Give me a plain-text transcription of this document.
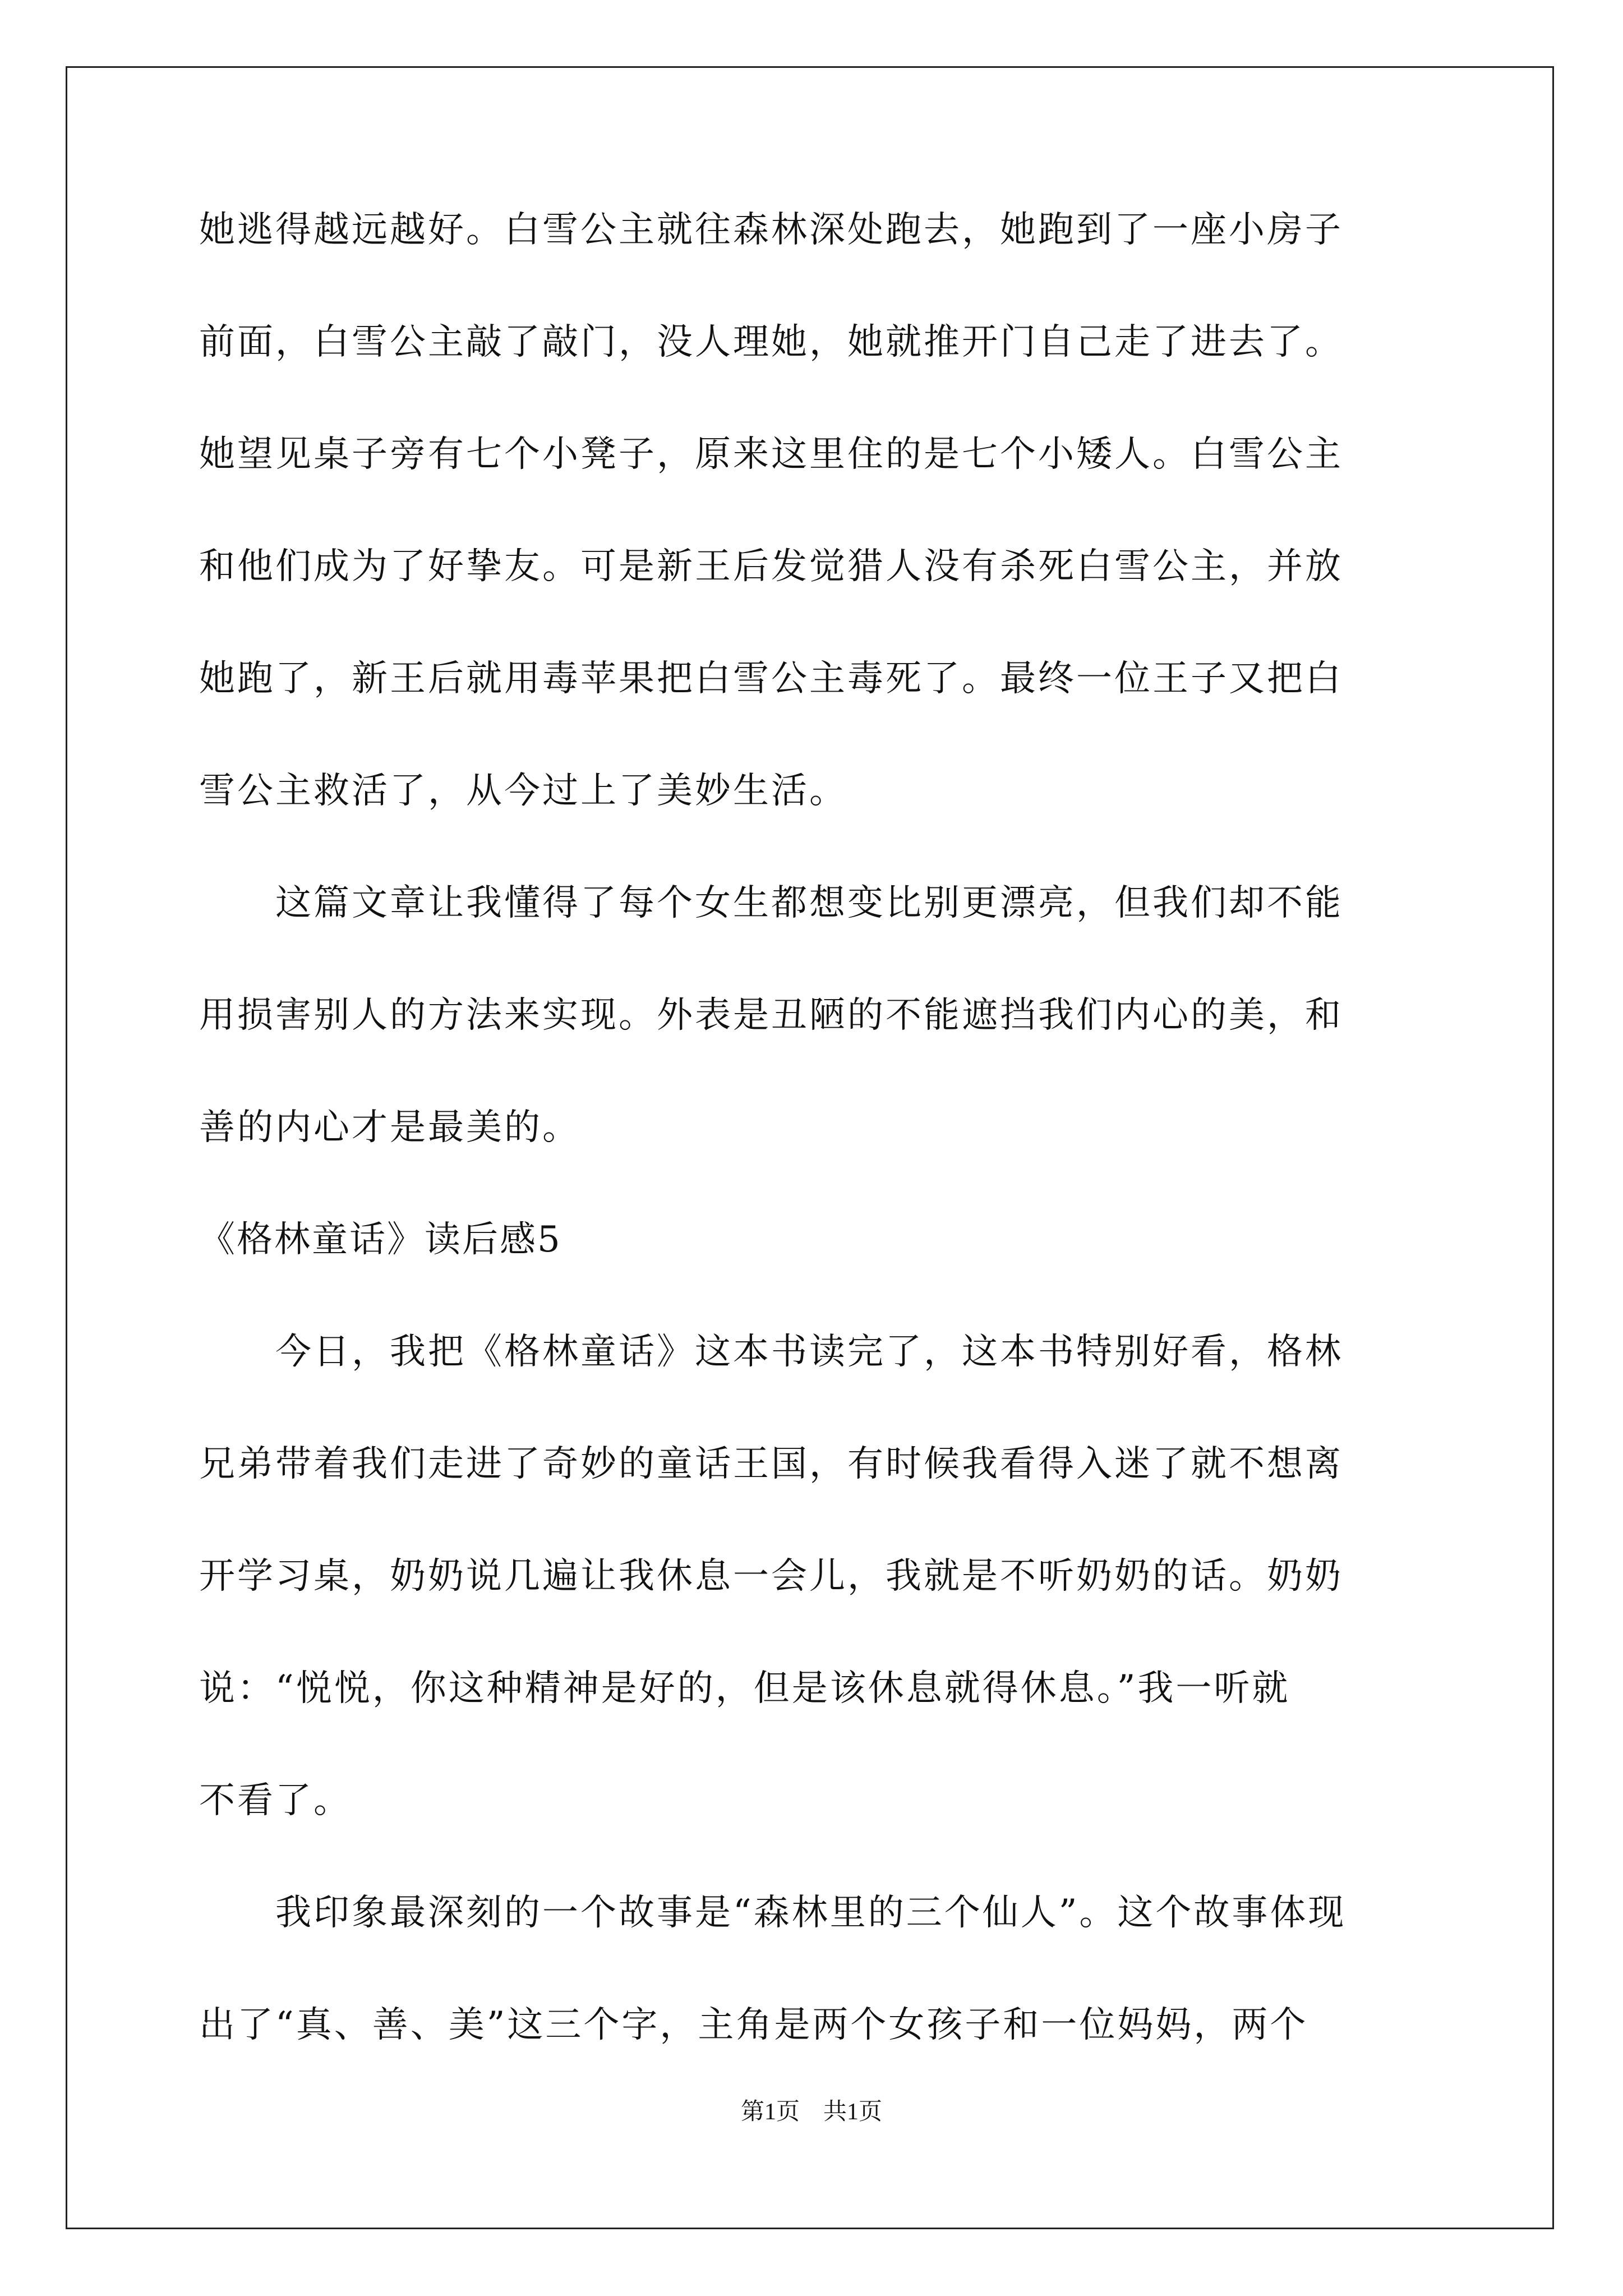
她逃得越远越好。白雪公主就往森林深处跑去，她跑到了一座小房子
前面，白雪公主敲了敲门，没人理她，她就推开门自己走了进去了。
她望见桌子旁有七个小凳子，原来这里住的是七个小矮人。白雪公主
和他们成为了好挚友。可是新王后发觉猎人没有杀死白雪公主，并放
她跑了，新王后就用毒苹果把白雪公主毒死了。最终一位王子又把白
雪公主救活了，从今过上了美妙生活。
　　这篇文章让我懂得了每个女生都想变比别更漂亮，但我们却不能
用损害别人的方法来实现。外表是丑陋的不能遮挡我们内心的美，和
善的内心才是最美的。
《格林童话》读后感5
　　今日，我把《格林童话》这本书读完了，这本书特别好看，格林
兄弟带着我们走进了奇妙的童话王国，有时候我看得入迷了就不想离
开学习桌，奶奶说几遍让我休息一会儿，我就是不听奶奶的话。奶奶
说：“悦悦，你这种精神是好的，但是该休息就得休息。”我一听就
不看了。
　　我印象最深刻的一个故事是“森林里的三个仙人”。这个故事体现
出了“真、善、美”这三个字，主角是两个女孩子和一位妈妈，两个
第1页　共1页
